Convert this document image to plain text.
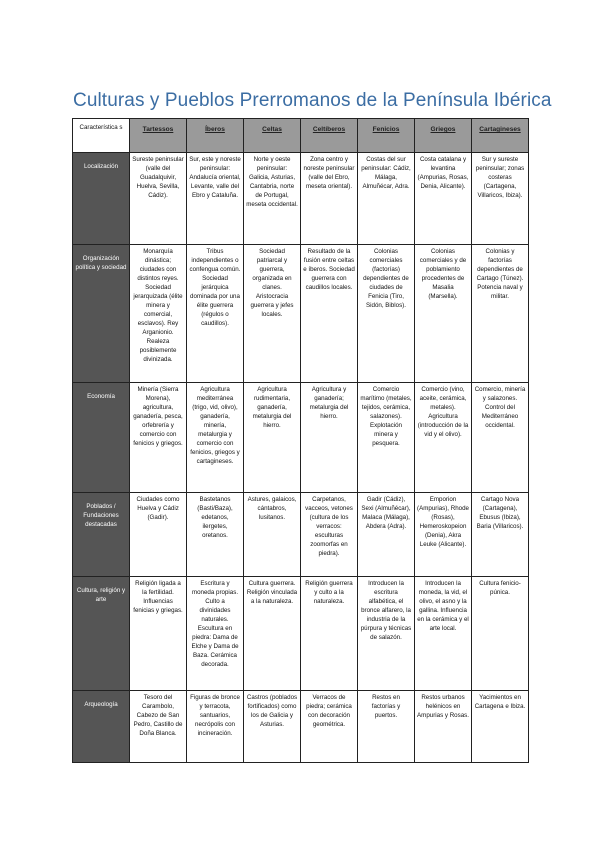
Culturas y Pueblos Prerromanos de la Península Ibérica
Característica s	Tartessos	Íberos	Celtas	Celtíberos	Fenicios	Griegos	Cartagineses
Localización	Sureste peninsular (valle del Guadalquivir, Huelva, Sevilla, Cádiz).	Sur, este y noreste peninsular: Andalucía oriental, Levante, valle del Ebro y Cataluña.	Norte y oeste peninsular: Galicia, Asturias, Cantabria, norte de Portugal, meseta occidental.	Zona centro y noreste peninsular (valle del Ebro, meseta oriental).	Costas del sur peninsular: Cádiz, Málaga, Almuñécar, Adra.	Costa catalana y levantina (Ampurias, Rosas, Denia, Alicante).	Sur y sureste peninsular; zonas costeras (Cartagena, Villaricos, Ibiza).

Organización política y sociedad	Monarquía dinástica; ciudades con distintos reyes. Sociedad jerarquizada (élite minera y comercial, esclavos). Rey Arganionio. Realeza posiblemente divinizada.	Tribus independientes o confengua común. Sociedad jerárquica dominada por una élite guerrera (régulos o caudillos).	Sociedad patriarcal y guerrera, organizada en clanes. Aristocracia guerrera y jefes locales.	Resultado de la fusión entre celtas e íberos. Sociedad guerrera con caudillos locales.	Colonias comerciales (factorías) dependientes de ciudades de Fenicia (Tiro, Sidón, Biblos).	Colonias comerciales y de poblamiento procedentes de Masalia (Marsella).	Colonias y factorías dependientes de Cartago (Túnez). Potencia naval y militar.

Economía	Minería (Sierra Morena), agricultura, ganadería, pesca, orfebrería y comercio con fenicios y griegos.	Agricultura mediterránea (trigo, vid, olivo), ganadería, minería, metalurgia y comercio con fenicios, griegos y cartagineses.	Agricultura rudimentaria, ganadería, metalurgia del hierro.	Agricultura y ganadería; metalurgia del hierro.	Comercio marítimo (metales, tejidos, cerámica, salazones). Explotación minera y pesquera.	Comercio (vino, aceite, cerámica, metales). Agricultura (introducción de la vid y el olivo).	Comercio, minería y salazones. Control del Mediterráneo occidental.

Poblados / Fundaciones destacadas	Ciudades como Huelva y Cádiz (Gadir).	Bastetanos (Basti/Baza), edetanos, ilergetes, oretanos.	Astures, galaicos, cántabros, lusitanos.	Carpetanos, vacceos, vetones (cultura de los verracos: esculturas zoomorfas en piedra).	Gadir (Cádiz), Sexi (Almuñécar), Malaca (Málaga), Abdera (Adra).	Emporion (Ampurias), Rhode (Rosas), Hemeroskopeion (Denia), Akra Leuke (Alicante).	Cartago Nova (Cartagena), Ebusus (Ibiza), Baria (Villaricos).

Cultura, religión y arte	Religión ligada a la fertilidad. Influencias fenicias y griegas.	Escritura y moneda propias. Culto a divinidades naturales. Escultura en piedra: Dama de Elche y Dama de Baza. Cerámica decorada.	Cultura guerrera. Religión vinculada a la naturaleza.	Religión guerrera y culto a la naturaleza.	Introducen la escritura alfabética, el bronce alfarero, la industria de la púrpura y técnicas de salazón.	Introducen la moneda, la vid, el olivo, el asno y la gallina. Influencia en la cerámica y el arte local.	Cultura fenicio-púnica.

Arqueología	Tesoro del Carambolo, Cabezo de San Pedro, Castillo de Doña Blanca.	Figuras de bronce y terracota, santuarios, necrópolis con incineración.	Castros (poblados fortificados) como los de Galicia y Asturias.	Verracos de piedra; cerámica con decoración geométrica.	Restos en factorías y puertos.	Restos urbanos helénicos en Ampurias y Rosas.	Yacimientos en Cartagena e Ibiza.
